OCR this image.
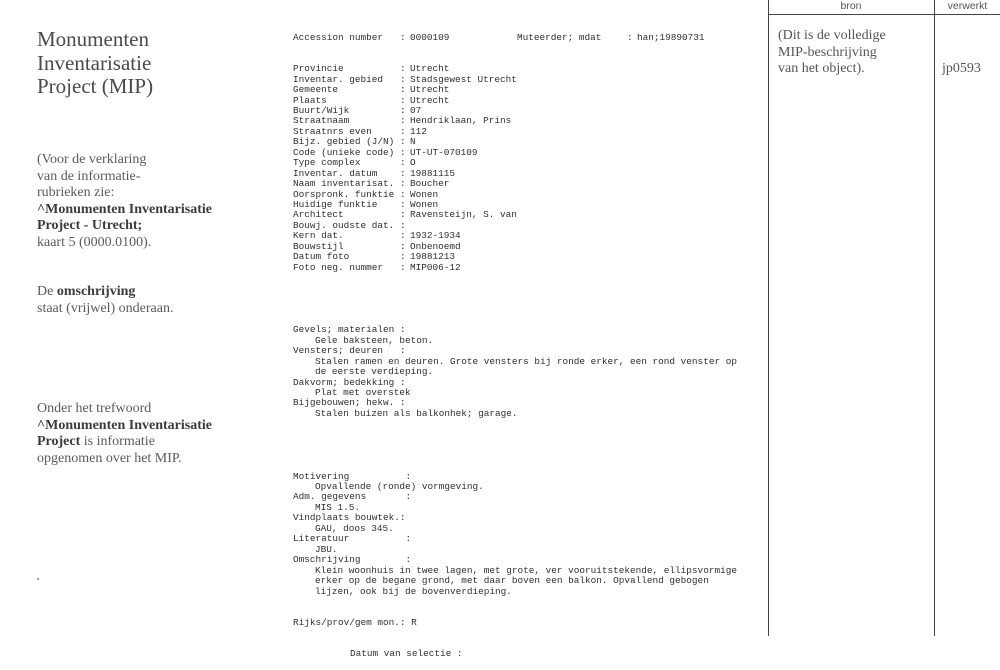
Monumenten
Inventarisatie
Project (MIP)
(Voor de verklaring
van de informatie-
rubrieken zie:
^Monumenten Inventarisatie
Project - Utrecht;
kaart 5 (0000.0100).
De omschrijving
staat (vrijwel) onderaan.
Onder het trefwoord
^Monumenten Inventarisatie
Project is informatie
opgenomen over het MIP.

Accession number	: 0000109	Muteerder; mdat	: han;19890731

Provincie	: Utrecht
Inventar. gebied	: Stadsgewest Utrecht
Gemeente	: Utrecht
Plaats	: Utrecht
Buurt/Wijk	: 07
Straatnaam	: Hendriklaan, Prins
Straatnrs even	: 112
Bijz. gebied (J/N) : N
Code (unieke code) : UT-UT-070109
Type complex	: O
Inventar. datum	: 19881115
Naam inventarisat. : Boucher
Oorspronk. funktie : Wonen
Huidige funktie	: Wonen
Architect	: Ravensteijn, S. van
Bouwj. oudste dat. :
Kern dat.	: 1932-1934
Bouwstijl	: Onbenoemd
Datum foto	: 19881213
Foto neg. nummer	: MIP006-12

Gevels; materialen :
Gele baksteen, beton.
Vensters; deuren   :
Stalen ramen en deuren. Grote vensters bij ronde erker, een rond venster op
de eerste verdieping.
Dakvorm; bedekking :
Plat met overstek
Bijgebouwen; hekw. :
Stalen buizen als balkonhek; garage.

Motivering          :
Opvallende (ronde) vormgeving.
Adm. gegevens       :
MIS 1.5.
Vindplaats bouwtek.:
GAU, doos 345.
Literatuur          :
JBU.
Omschrijving        :
Klein woonhuis in twee lagen, met grote, ver vooruitstekende, ellipsvormige
erker op de begane grond, met daar boven een balkon. Opvallend gebogen
lijzen, ook bij de bovenverdieping.

Rijks/prov/gem mon.: R

Datum van selectie :

bron	verwerkt
(Dit is de volledige
MIP-beschrijving
van het object).	jp0593
